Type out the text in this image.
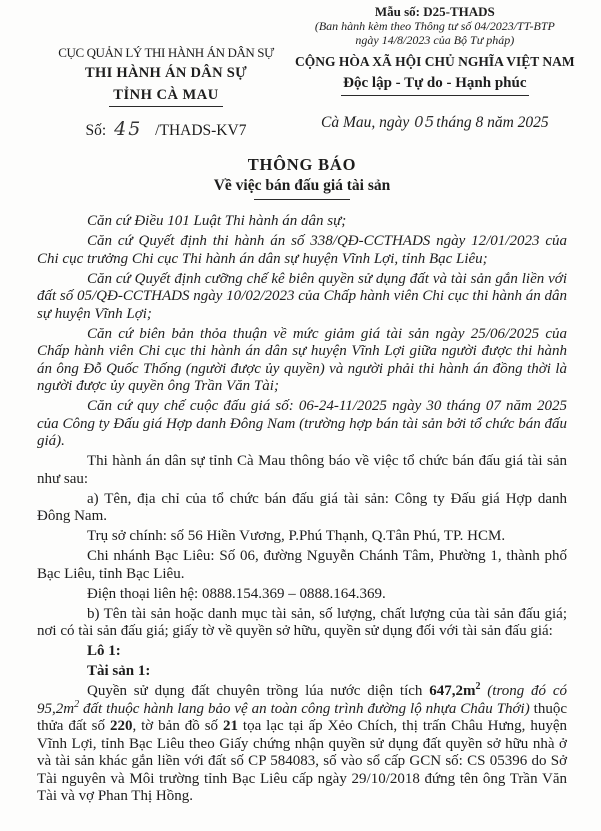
CỤC QUẢN LÝ THI HÀNH ÁN DÂN SỰ
THI HÀNH ÁN DÂN SỰ
TỈNH CÀ MAU
Số: 45 /THADS-KV7
Mẫu số: D25-THADS
(Ban hành kèm theo Thông tư số 04/2023/TT-BTP
ngày 14/8/2023 của Bộ Tư pháp)
CỘNG HÒA XÃ HỘI CHỦ NGHĨA VIỆT NAM
Độc lập - Tự do - Hạnh phúc
Cà Mau, ngày 05tháng 8 năm 2025
THÔNG BÁO
Về việc bán đấu giá tài sản

Căn cứ Điều 101 Luật Thi hành án dân sự;

Căn cứ Quyết định thi hành án số 338/QĐ-CCTHADS ngày 12/01/2023 của Chi cục trưởng Chi cục Thi hành án dân sự huyện Vĩnh Lợi, tỉnh Bạc Liêu;

Căn cứ Quyết định cưỡng chế kê biên quyền sử dụng đất và tài sản gắn liền với đất số 05/QĐ-CCTHADS ngày 10/02/2023 của Chấp hành viên Chi cục thi hành án dân sự huyện Vĩnh Lợi;

Căn cứ biên bản thỏa thuận về mức giảm giá tài sản ngày 25/06/2025 của Chấp hành viên Chi cục thi hành án dân sự huyện Vĩnh Lợi giữa người được thi hành án ông Đỗ Quốc Thống (người được ủy quyền) và người phải thi hành án đồng thời là người được ủy quyền ông Trần Văn Tài;

Căn cứ quy chế cuộc đấu giá số: 06-24-11/2025 ngày 30 tháng 07 năm 2025 của Công ty Đấu giá Hợp danh Đông Nam (trường hợp bán tài sản bởi tổ chức bán đấu giá).

Thi hành án dân sự tỉnh Cà Mau thông báo về việc tổ chức bán đấu giá tài sản như sau:

a) Tên, địa chỉ của tổ chức bán đấu giá tài sản: Công ty Đấu giá Hợp danh Đông Nam.

Trụ sở chính: số 56 Hiền Vương, P.Phú Thạnh, Q.Tân Phú, TP. HCM.

Chi nhánh Bạc Liêu: Số 06, đường Nguyễn Chánh Tâm, Phường 1, thành phố Bạc Liêu, tỉnh Bạc Liêu.

Điện thoại liên hệ: 0888.154.369 – 0888.164.369.

b) Tên tài sản hoặc danh mục tài sản, số lượng, chất lượng của tài sản đấu giá; nơi có tài sản đấu giá; giấy tờ về quyền sở hữu, quyền sử dụng đối với tài sản đấu giá:

Lô 1:

Tài sản 1:

Quyền sử dụng đất chuyên trồng lúa nước diện tích $647,2m^2$ (trong đó có $95,2m^2$ đất thuộc hành lang bảo vệ an toàn công trình đường lộ nhựa Châu Thới) thuộc thửa đất số 220, tờ bản đồ số 21 tọa lạc tại ấp Xẻo Chích, thị trấn Châu Hưng, huyện Vĩnh Lợi, tỉnh Bạc Liêu theo Giấy chứng nhận quyền sử dụng đất quyền sở hữu nhà ở và tài sản khác gắn liền với đất số CP 584083, số vào sổ cấp GCN số: CS 05396 do Sở Tài nguyên và Môi trường tỉnh Bạc Liêu cấp ngày 29/10/2018 đứng tên ông Trần Văn Tài và vợ Phan Thị Hồng.
